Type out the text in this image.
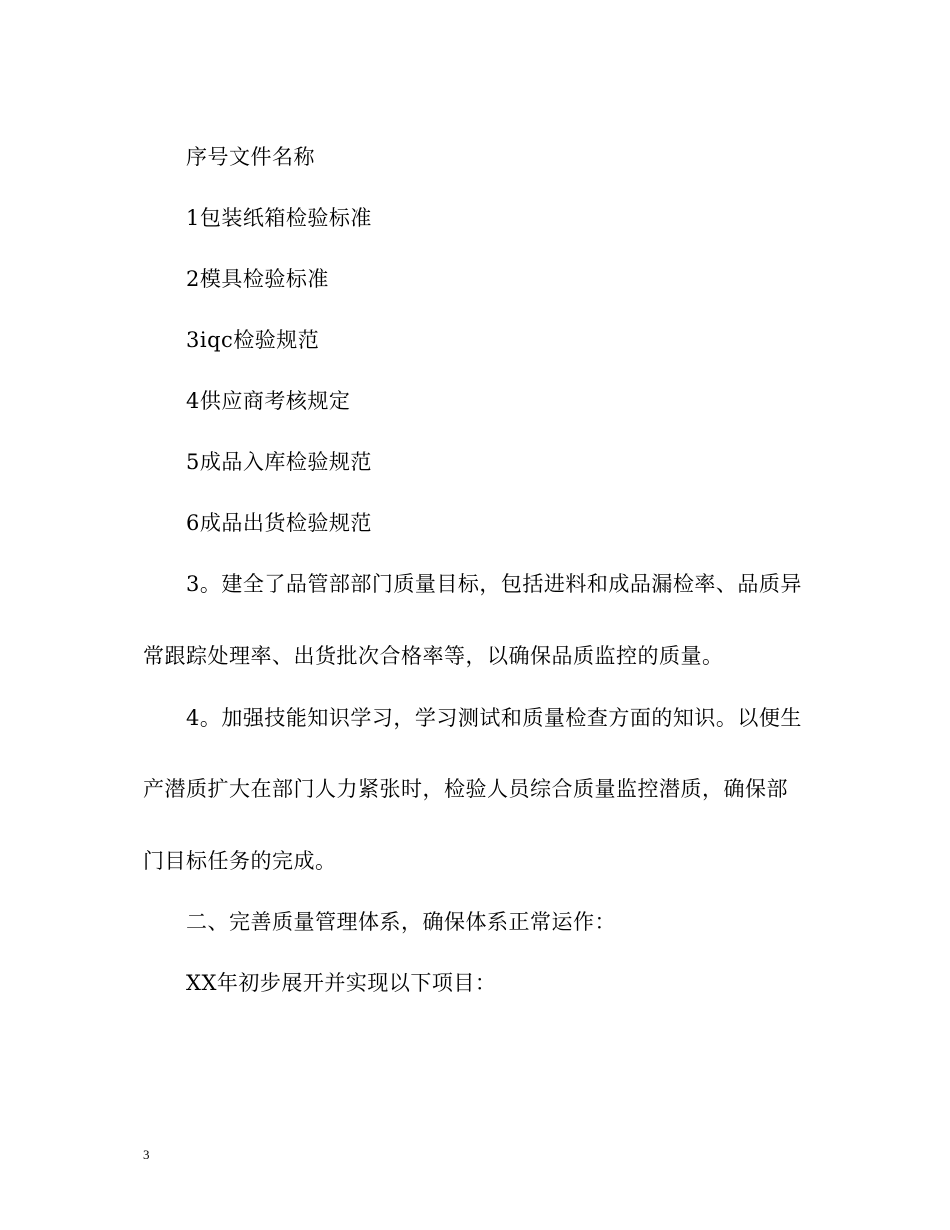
序号文件名称

1包装纸箱检验标准

2模具检验标准

3iqc检验规范

4供应商考核规定

5成品入库检验规范

6成品出货检验规范

3。建全了品管部部门质量目标，包括进料和成品漏检率、品质异

常跟踪处理率、出货批次合格率等，以确保品质监控的质量。

4。加强技能知识学习，学习测试和质量检查方面的知识。以便生

产潜质扩大在部门人力紧张时，检验人员综合质量监控潜质，确保部

门目标任务的完成。

二、完善质量管理体系，确保体系正常运作：

XX年初步展开并实现以下项目：

3
